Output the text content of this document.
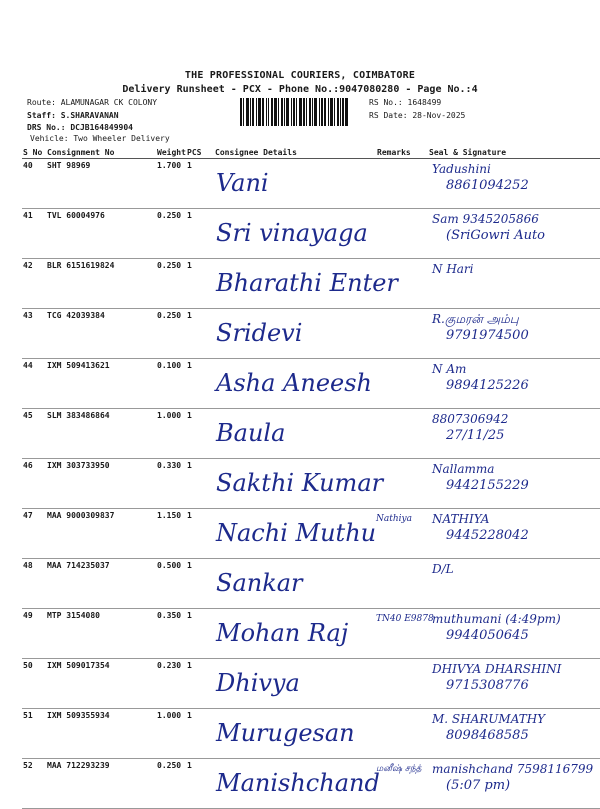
THE PROFESSIONAL COURIERS, COIMBATORE
Delivery Runsheet - PCX - Phone No.:9047080280 - Page No.:4
Route: ALAMUNAGAR CK COLONY
Staff: S.SHARAVANAN
DRS No.: DCJB164849904
Vehicle: Two Wheeler Delivery
RS No.: 1648499
RS Date: 28-Nov-2025
S No	Consignment No	Weight	PCS	Consignee Details	Remarks	Seal & Signature
40	SHT 98969	1.700	1	Vani		Yadushini
8861094252

41	TVL 60004976	0.250	1	Sri vinayaga		Sam 9345205866
(SriGowri Auto

42	BLR 6151619824	0.250	1	Bharathi Enter		N Hari

43	TCG 42039384	0.250	1	Sridevi		R.குமரன் அம்பு
9791974500

44	IXM 509413621	0.100	1	Asha Aneesh		N Am
9894125226

45	SLM 383486864	1.000	1	Baula		8807306942
27/11/25

46	IXM 303733950	0.330	1	Sakthi Kumar		Nallamma
9442155229

47	MAA 9000309837	1.150	1	Nachi Muthu	Nathiya	NATHIYA
9445228042

48	MAA 714235037	0.500	1	Sankar		D/L

49	MTP 3154080	0.350	1	Mohan Raj	TN40 E9878	muthumani (4:49pm)
9944050645

50	IXM 509017354	0.230	1	Dhivya		DHIVYA DHARSHINI
9715308776

51	IXM 509355934	1.000	1	Murugesan		M. SHARUMATHY
8098468585

52	MAA 712293239	0.250	1	Manishchand	மனீஷ் சந்த்	manishchand 7598116799
(5:07 pm)
